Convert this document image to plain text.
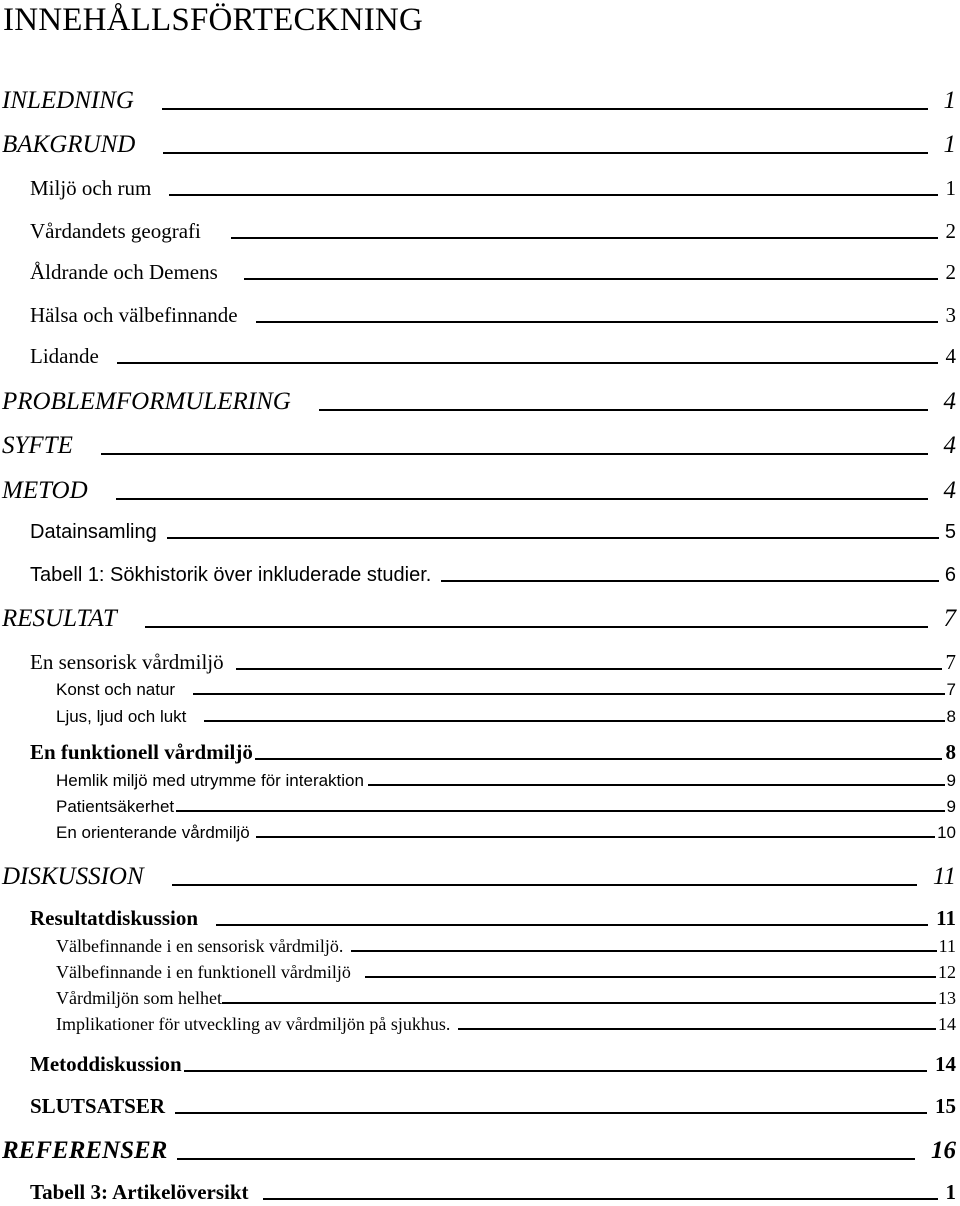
INNEHÅLLSFÖRTECKNING
INLEDNING	1
BAKGRUND	1
Miljö och rum	1
Vårdandets geografi	2
Åldrande och Demens	2
Hälsa och välbefinnande	3
Lidande	4
PROBLEMFORMULERING	4
SYFTE	4
METOD	4
Datainsamling	5
Tabell 1: Sökhistorik över inkluderade studier.	6
RESULTAT	7
En sensorisk vårdmiljö	7
Konst och natur	7
Ljus, ljud och lukt	8
En funktionell vårdmiljö	8
Hemlik miljö med utrymme för interaktion	9
Patientsäkerhet	9
En orienterande vårdmiljö	10
DISKUSSION	11
Resultatdiskussion	11
Välbefinnande i en sensorisk vårdmiljö.	11
Välbefinnande i en funktionell vårdmiljö	12
Vårdmiljön som helhet	13
Implikationer för utveckling av vårdmiljön på sjukhus.	14
Metoddiskussion	14
SLUTSATSER	15
REFERENSER	16
Tabell 3: Artikelöversikt	1
